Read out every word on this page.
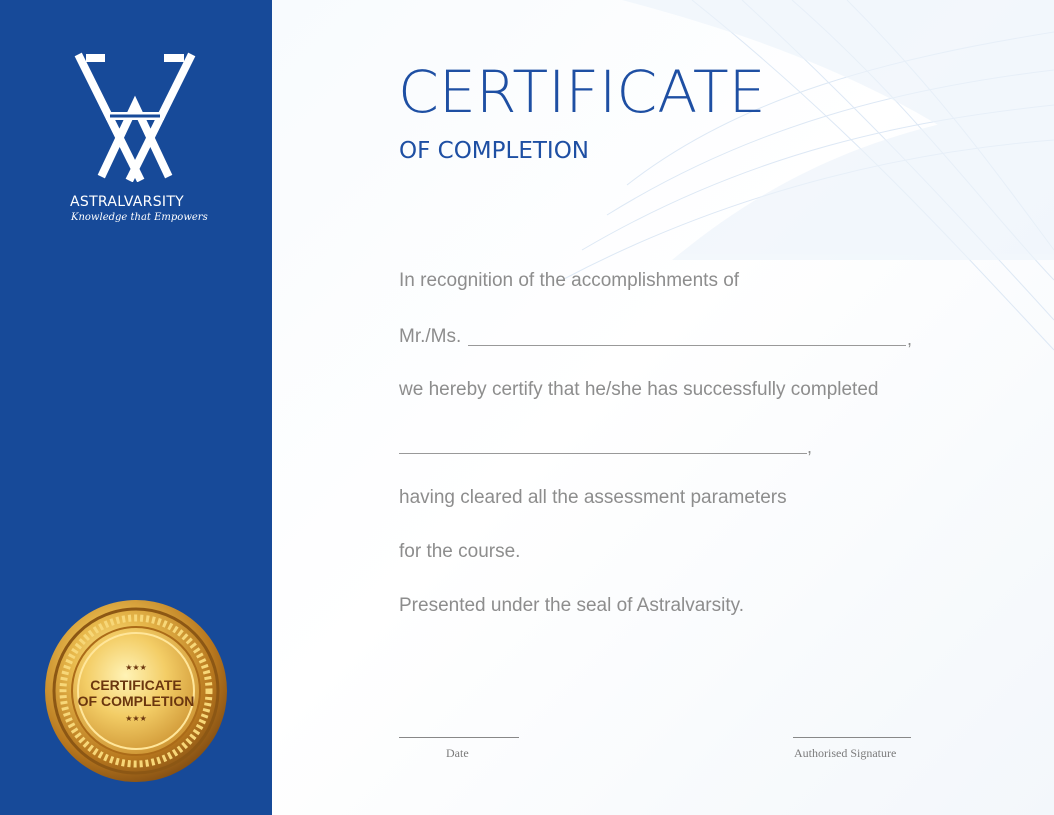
ASTRALVARSITY
Knowledge that Empowers
★★★
CERTIFICATE
OF COMPLETION
★★★
CERTIFICATE
OF COMPLETION
In recognition of the accomplishments of
Mr./Ms.	,
we hereby certify that he/she has successfully completed
,
having cleared all the assessment parameters
for the course.
Presented under the seal of Astralvarsity.
Date	Authorised Signature
